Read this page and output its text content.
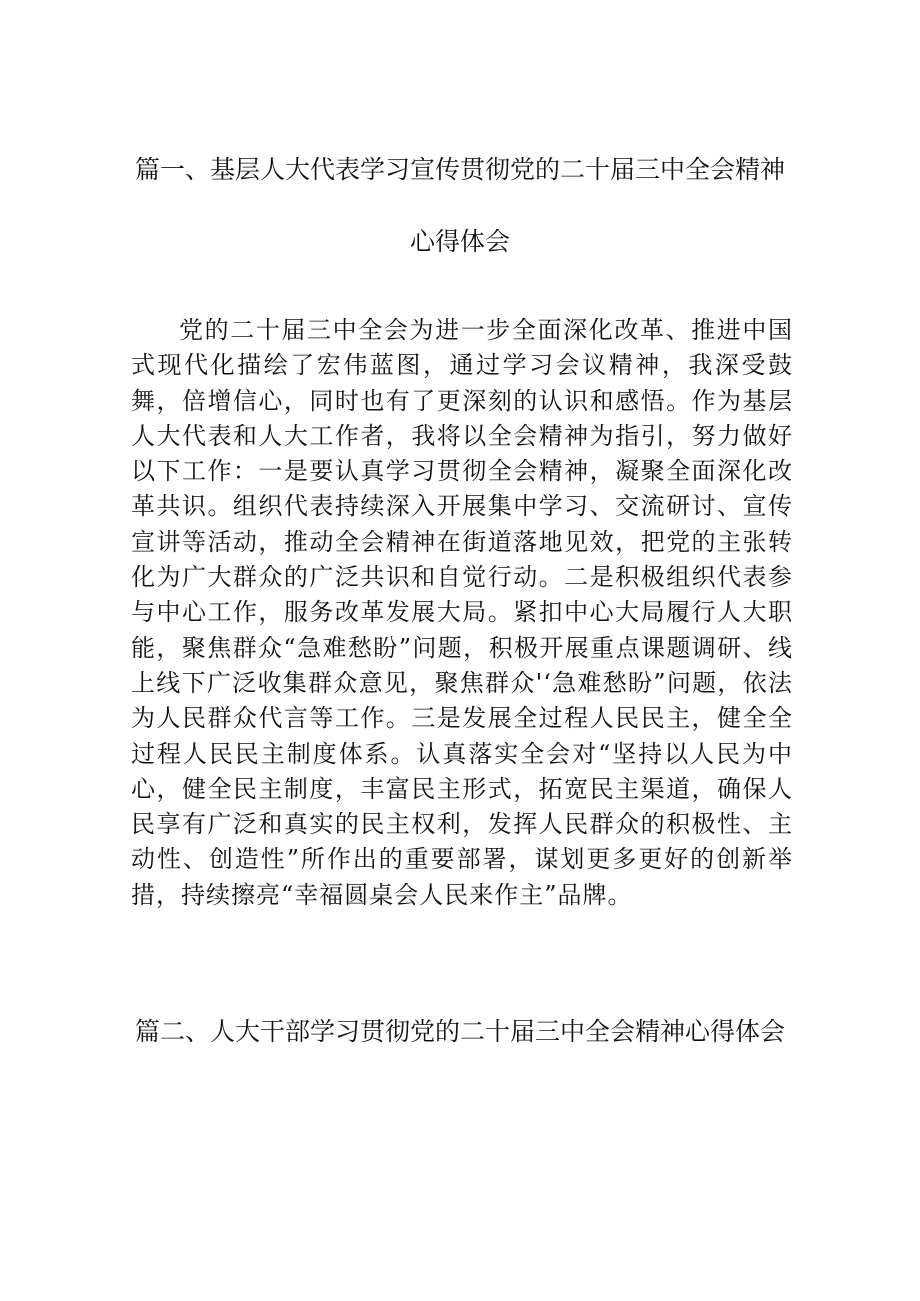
篇一、基层人大代表学习宣传贯彻党的二十届三中全会精神心得体会

党的二十届三中全会为进一步全面深化改革、推进中国式现代化描绘了宏伟蓝图，通过学习会议精神，我深受鼓舞，倍增信心，同时也有了更深刻的认识和感悟。作为基层人大代表和人大工作者，我将以全会精神为指引，努力做好以下工作：一是要认真学习贯彻全会精神，凝聚全面深化改革共识。组织代表持续深入开展集中学习、交流研讨、宣传宣讲等活动，推动全会精神在街道落地见效，把党的主张转化为广大群众的广泛共识和自觉行动。二是积极组织代表参与中心工作，服务改革发展大局。紧扣中心大局履行人大职能，聚焦群众“急难愁盼”问题，积极开展重点课题调研、线上线下广泛收集群众意见，聚焦群众'‘急难愁盼”问题，依法为人民群众代言等工作。三是发展全过程人民民主，健全全过程人民民主制度体系。认真落实全会对“坚持以人民为中心，健全民主制度，丰富民主形式，拓宽民主渠道，确保人民享有广泛和真实的民主权利，发挥人民群众的积极性、主动性、创造性”所作出的重要部署，谋划更多更好的创新举措，持续擦亮“幸福圆桌会人民来作主”品牌。

篇二、人大干部学习贯彻党的二十届三中全会精神心得体会
